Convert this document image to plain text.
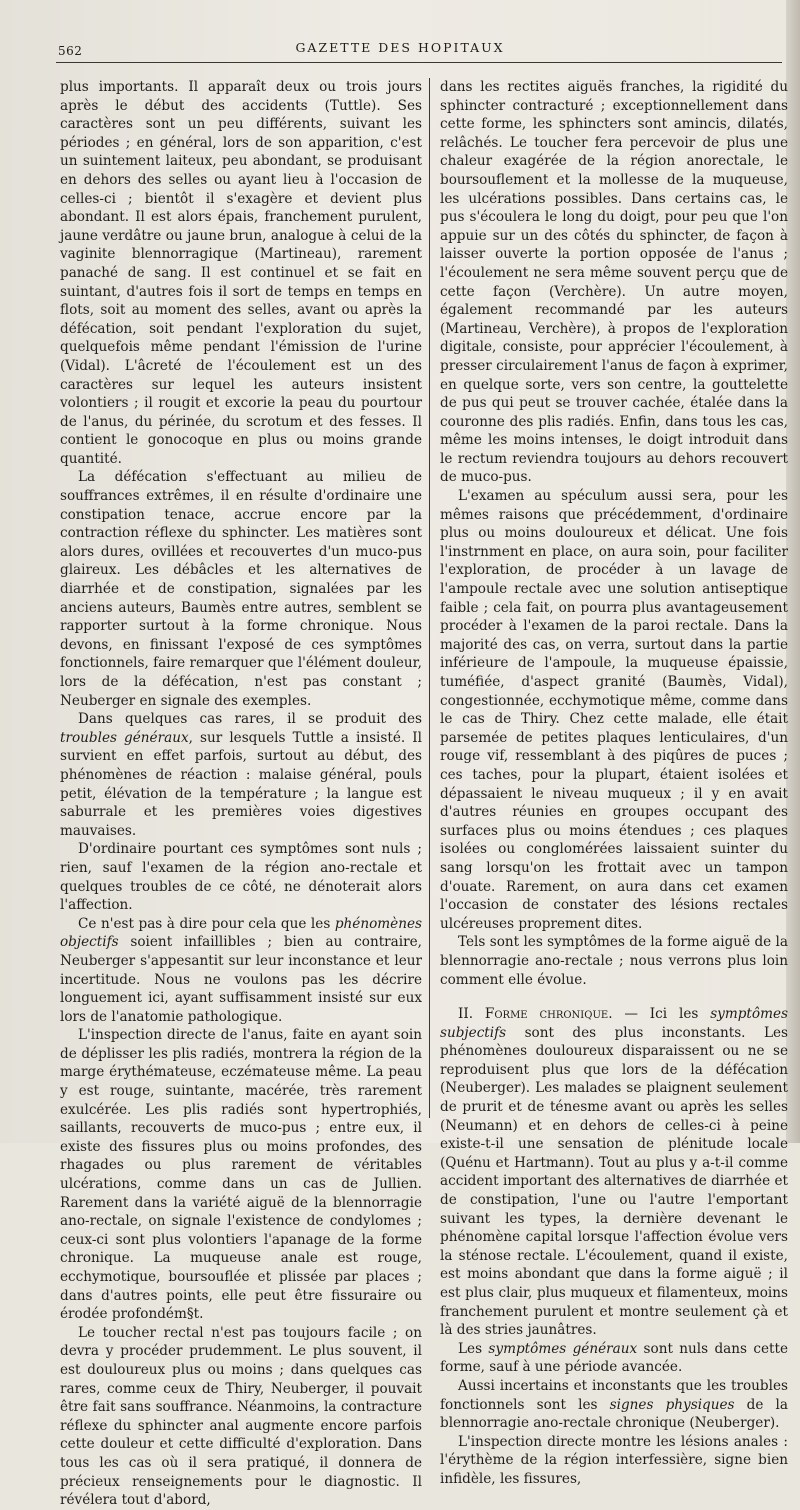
562	GAZETTE DES HOPITAUX

plus importants. Il apparaît deux ou trois jours après le début des accidents (Tuttle). Ses caractères sont un peu différents, suivant les périodes ; en général, lors de son apparition, c'est un suintement laiteux, peu abondant, se produisant en dehors des selles ou ayant lieu à l'occasion de celles-ci ; bientôt il s'exagère et devient plus abondant. Il est alors épais, franchement purulent, jaune verdâtre ou jaune brun, analogue à celui de la vaginite blennorragique (Martineau), rarement panaché de sang. Il est continuel et se fait en suintant, d'autres fois il sort de temps en temps en flots, soit au moment des selles, avant ou après la défécation, soit pendant l'exploration du sujet, quelquefois même pendant l'émission de l'urine (Vidal). L'âcreté de l'écoulement est un des caractères sur lequel les auteurs insistent volontiers ; il rougit et excorie la peau du pourtour de l'anus, du périnée, du scrotum et des fesses. Il contient le gonocoque en plus ou moins grande quantité.

La défécation s'effectuant au milieu de souffrances extrêmes, il en résulte d'ordinaire une constipation tenace, accrue encore par la contraction réflexe du sphincter. Les matières sont alors dures, ovillées et recouvertes d'un muco-pus glaireux. Les débâcles et les alternatives de diarrhée et de constipation, signalées par les anciens auteurs, Baumès entre autres, semblent se rapporter surtout à la forme chronique. Nous devons, en finissant l'exposé de ces symptômes fonctionnels, faire remarquer que l'élément douleur, lors de la défécation, n'est pas constant ; Neuberger en signale des exemples.

Dans quelques cas rares, il se produit des troubles généraux, sur lesquels Tuttle a insisté. Il survient en effet parfois, surtout au début, des phénomènes de réaction : malaise général, pouls petit, élévation de la température ; la langue est saburrale et les premières voies digestives mauvaises.

D'ordinaire pourtant ces symptômes sont nuls ; rien, sauf l'examen de la région ano-rectale et quelques troubles de ce côté, ne dénoterait alors l'affection.

Ce n'est pas à dire pour cela que les phénomènes objectifs soient infaillibles ; bien au contraire, Neuberger s'appesantit sur leur inconstance et leur incertitude. Nous ne voulons pas les décrire longuement ici, ayant suffisamment insisté sur eux lors de l'anatomie pathologique.

L'inspection directe de l'anus, faite en ayant soin de déplisser les plis radiés, montrera la région de la marge érythémateuse, eczémateuse même. La peau y est rouge, suintante, macérée, très rarement exulcérée. Les plis radiés sont hypertrophiés, saillants, recouverts de muco-pus ; entre eux, il existe des fissures plus ou moins profondes, des rhagades ou plus rarement de véritables ulcérations, comme dans un cas de Jullien. Rarement dans la variété aiguë de la blennorragie ano-rectale, on signale l'existence de condylomes ; ceux-ci sont plus volontiers l'apanage de la forme chronique. La muqueuse anale est rouge, ecchymotique, boursouflée et plissée par places ; dans d'autres points, elle peut être fissuraire ou érodée profondém§t.

Le toucher rectal n'est pas toujours facile ; on devra y procéder prudemment. Le plus souvent, il est douloureux plus ou moins ; dans quelques cas rares, comme ceux de Thiry, Neuberger, il pouvait être fait sans souffrance. Néanmoins, la contracture réflexe du sphincter anal augmente encore parfois cette douleur et cette difficulté d'exploration. Dans tous les cas où il sera pratiqué, il donnera de précieux renseignements pour le diagnostic. Il révélera tout d'abord,

dans les rectites aiguës franches, la rigidité du sphincter contracturé ; exceptionnellement dans cette forme, les sphincters sont amincis, dilatés, relâchés. Le toucher fera percevoir de plus une chaleur exagérée de la région anorectale, le boursouflement et la mollesse de la muqueuse, les ulcérations possibles. Dans certains cas, le pus s'écoulera le long du doigt, pour peu que l'on appuie sur un des côtés du sphincter, de façon à laisser ouverte la portion opposée de l'anus ; l'écoulement ne sera même souvent perçu que de cette façon (Verchère). Un autre moyen, également recommandé par les auteurs (Martineau, Verchère), à propos de l'exploration digitale, consiste, pour apprécier l'écoulement, à presser circulairement l'anus de façon à exprimer, en quelque sorte, vers son centre, la gouttelette de pus qui peut se trouver cachée, étalée dans la couronne des plis radiés. Enfin, dans tous les cas, même les moins intenses, le doigt introduit dans le rectum reviendra toujours au dehors recouvert de muco-pus.

L'examen au spéculum aussi sera, pour les mêmes raisons que précédemment, d'ordinaire plus ou moins douloureux et délicat. Une fois l'instrnment en place, on aura soin, pour faciliter l'exploration, de procéder à un lavage de l'ampoule rectale avec une solution antiseptique faible ; cela fait, on pourra plus avantageusement procéder à l'examen de la paroi rectale. Dans la majorité des cas, on verra, surtout dans la partie inférieure de l'ampoule, la muqueuse épaissie, tuméfiée, d'aspect granité (Baumès, Vidal), congestionnée, ecchymotique même, comme dans le cas de Thiry. Chez cette malade, elle était parsemée de petites plaques lenticulaires, d'un rouge vif, ressemblant à des piqûres de puces ; ces taches, pour la plupart, étaient isolées et dépassaient le niveau muqueux ; il y en avait d'autres réunies en groupes occupant des surfaces plus ou moins étendues ; ces plaques isolées ou conglomérées laissaient suinter du sang lorsqu'on les frottait avec un tampon d'ouate. Rarement, on aura dans cet examen l'occasion de constater des lésions rectales ulcéreuses proprement dites.

Tels sont les symptômes de la forme aiguë de la blennorragie ano-rectale ; nous verrons plus loin comment elle évolue.

II. Forme chronique. — Ici les symptômes subjectifs sont des plus inconstants. Les phénomènes douloureux disparaissent ou ne se reproduisent plus que lors de la défécation (Neuberger). Les malades se plaignent seulement de prurit et de ténesme avant ou après les selles (Neumann) et en dehors de celles-ci à peine existe-t-il une sensation de plénitude locale (Quénu et Hartmann). Tout au plus y a-t-il comme accident important des alternatives de diarrhée et de constipation, l'une ou l'autre l'emportant suivant les types, la dernière devenant le phénomène capital lorsque l'affection évolue vers la sténose rectale. L'écoulement, quand il existe, est moins abondant que dans la forme aiguë ; il est plus clair, plus muqueux et filamenteux, moins franchement purulent et montre seulement çà et là des stries jaunâtres.

Les symptômes généraux sont nuls dans cette forme, sauf à une période avancée.

Aussi incertains et inconstants que les troubles fonctionnels sont les signes physiques de la blennorragie ano-rectale chronique (Neuberger).

L'inspection directe montre les lésions anales : l'érythème de la région interfessière, signe bien infidèle, les fissures,
